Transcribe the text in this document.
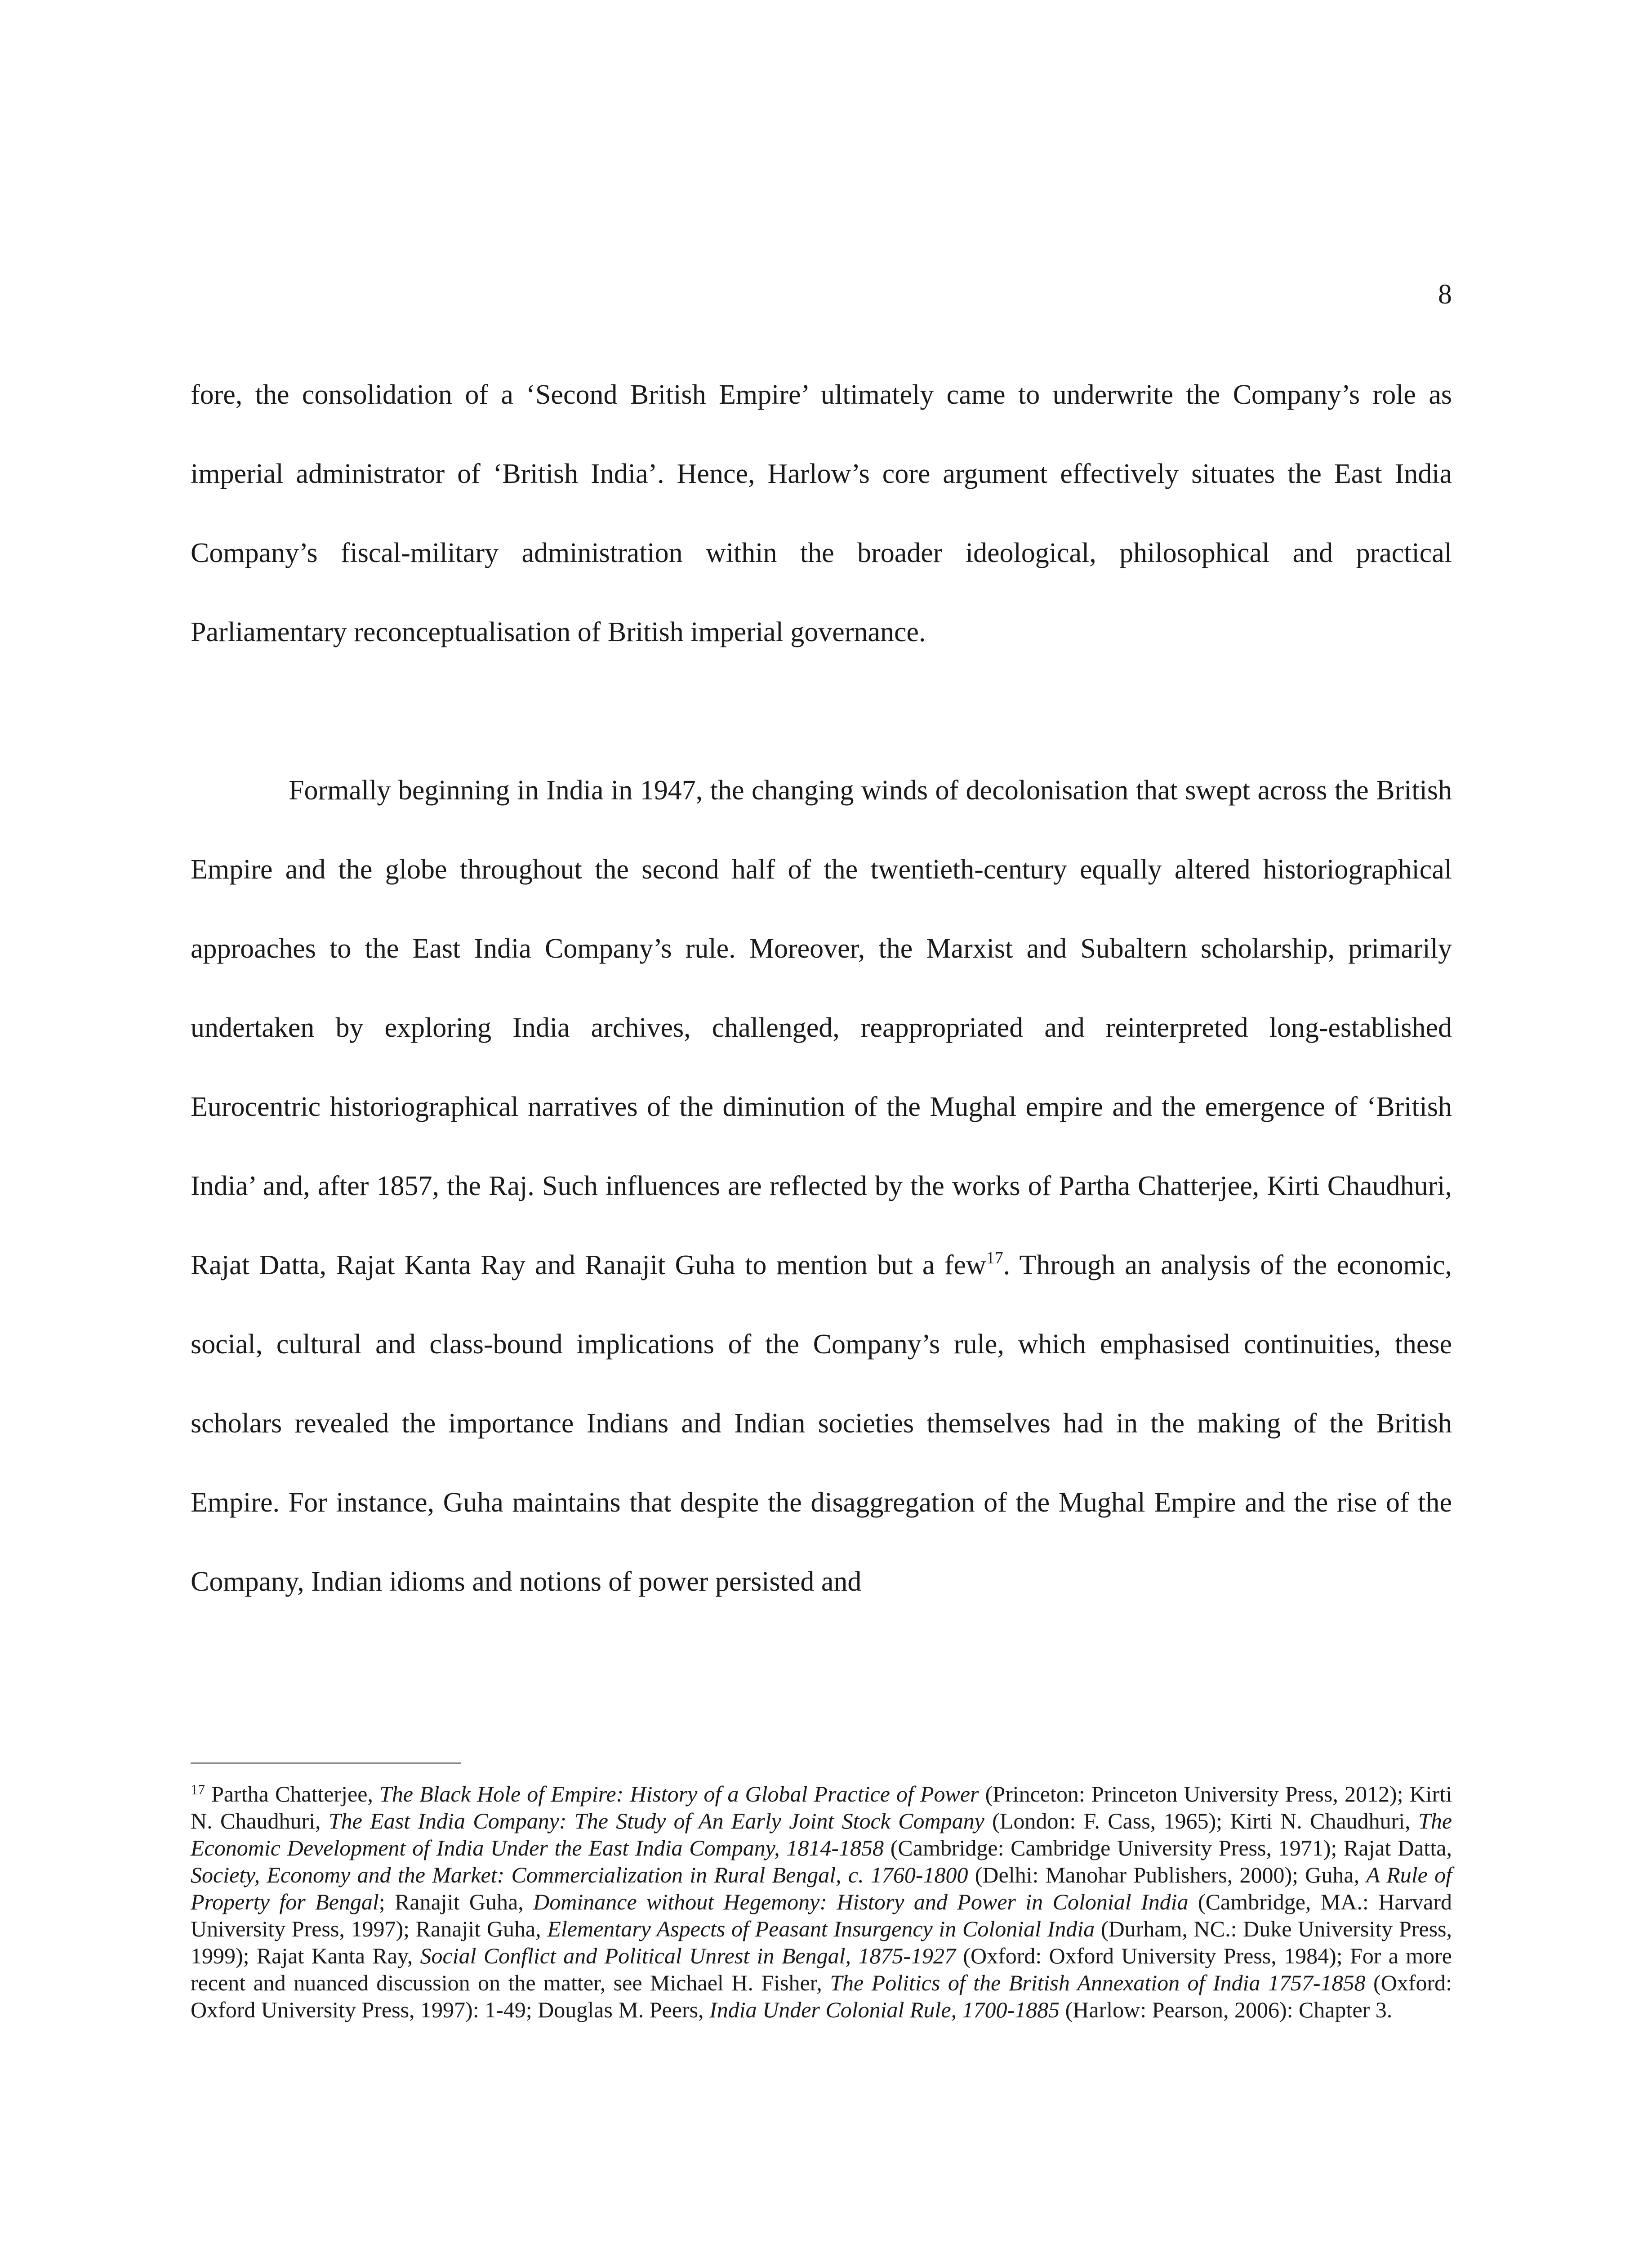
8

fore, the consolidation of a ‘Second British Empire’ ultimately came to underwrite the Company’s role as imperial administrator of ‘British India’. Hence, Harlow’s core argument effectively situates the East India Company’s fiscal-military administration within the broader ideological, philosophical and practical Parliamentary reconceptualisation of British imperial governance.

Formally beginning in India in 1947, the changing winds of decolonisation that swept across the British Empire and the globe throughout the second half of the twentieth-century equally altered historiographical approaches to the East India Company’s rule. Moreover, the Marxist and Subaltern scholarship, primarily undertaken by exploring India archives, challenged, reappropriated and reinterpreted long-established Eurocentric historiographical narratives of the diminution of the Mughal empire and the emergence of ‘British India’ and, after 1857, the Raj. Such influences are reflected by the works of Partha Chatterjee, Kirti Chaudhuri, Rajat Datta, Rajat Kanta Ray and Ranajit Guha to mention but a few$^{17}$. Through an analysis of the economic, social, cultural and class-bound implications of the Company’s rule, which emphasised continuities, these scholars revealed the importance Indians and Indian societies themselves had in the making of the British Empire. For instance, Guha maintains that despite the disaggregation of the Mughal Empire and the rise of the Company, Indian idioms and notions of power persisted and

$^{17}$ Partha Chatterjee, The Black Hole of Empire: History of a Global Practice of Power (Princeton: Princeton University Press, 2012); Kirti N. Chaudhuri, The East India Company: The Study of An Early Joint Stock Company (London: F. Cass, 1965); Kirti N. Chaudhuri, The Economic Development of India Under the East India Company, 1814-1858 (Cambridge: Cambridge University Press, 1971); Rajat Datta, Society, Economy and the Market: Commercialization in Rural Bengal, c. 1760-1800 (Delhi: Manohar Publishers, 2000); Guha, A Rule of Property for Bengal; Ranajit Guha, Dominance without Hegemony: History and Power in Colonial India (Cambridge, MA.: Harvard University Press, 1997); Ranajit Guha, Elementary Aspects of Peasant Insurgency in Colonial India (Durham, NC.: Duke University Press, 1999); Rajat Kanta Ray, Social Conflict and Political Unrest in Bengal, 1875-1927 (Oxford: Oxford University Press, 1984); For a more recent and nuanced discussion on the matter, see Michael H. Fisher, The Politics of the British Annexation of India 1757-1858 (Oxford: Oxford University Press, 1997): 1-49; Douglas M. Peers, India Under Colonial Rule, 1700-1885 (Harlow: Pearson, 2006): Chapter 3.
